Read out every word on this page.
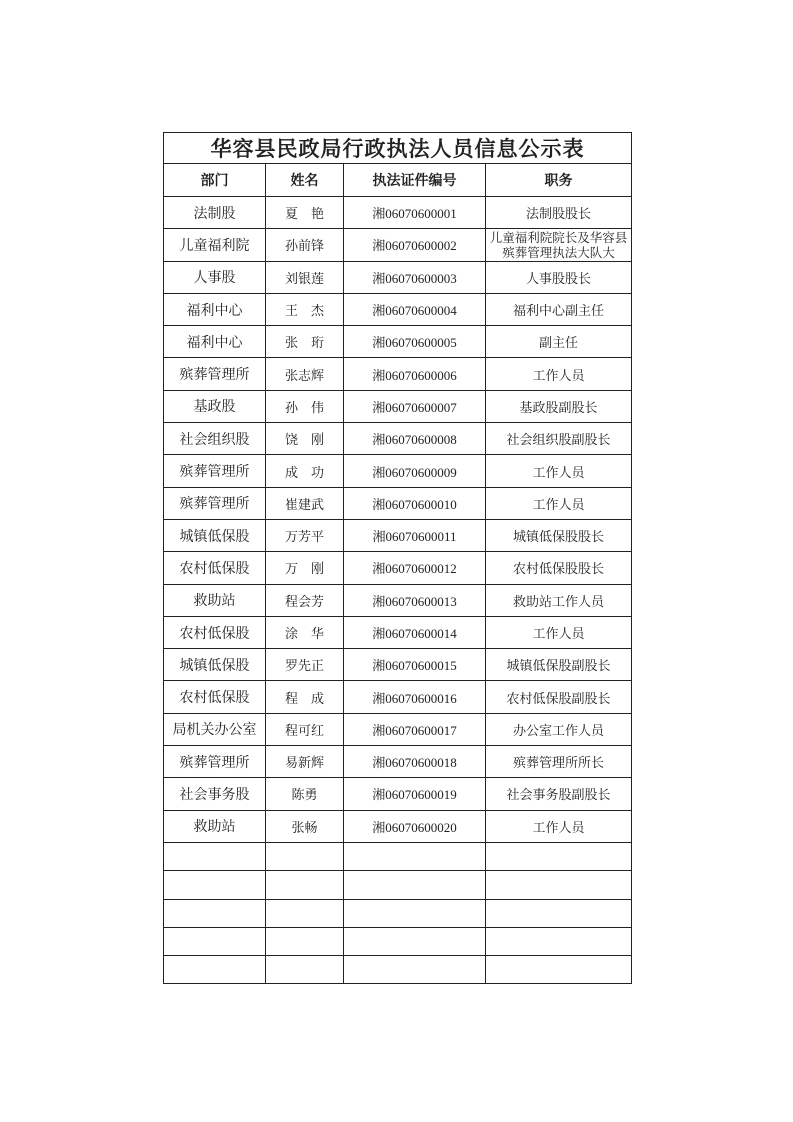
华容县民政局行政执法人员信息公示表			
部门	姓名	执法证件编号	职务
法制股	夏　艳	湘06070600001	法制股股长
儿童福利院	孙前锋	湘06070600002	儿童福利院院长及华容县殡葬管理执法大队大
人事股	刘银莲	湘06070600003	人事股股长
福利中心	王　杰	湘06070600004	福利中心副主任
福利中心	张　珩	湘06070600005	副主任
殡葬管理所	张志辉	湘06070600006	工作人员
基政股	孙　伟	湘06070600007	基政股副股长
社会组织股	饶　刚	湘06070600008	社会组织股副股长
殡葬管理所	成　功	湘06070600009	工作人员
殡葬管理所	崔建武	湘06070600010	工作人员
城镇低保股	万芳平	湘06070600011	城镇低保股股长
农村低保股	万　刚	湘06070600012	农村低保股股长
救助站	程会芳	湘06070600013	救助站工作人员
农村低保股	涂　华	湘06070600014	工作人员
城镇低保股	罗先正	湘06070600015	城镇低保股副股长
农村低保股	程　成	湘06070600016	农村低保股副股长
局机关办公室	程可红	湘06070600017	办公室工作人员
殡葬管理所	易新辉	湘06070600018	殡葬管理所所长
社会事务股	陈勇	湘06070600019	社会事务股副股长
救助站	张畅	湘06070600020	工作人员
